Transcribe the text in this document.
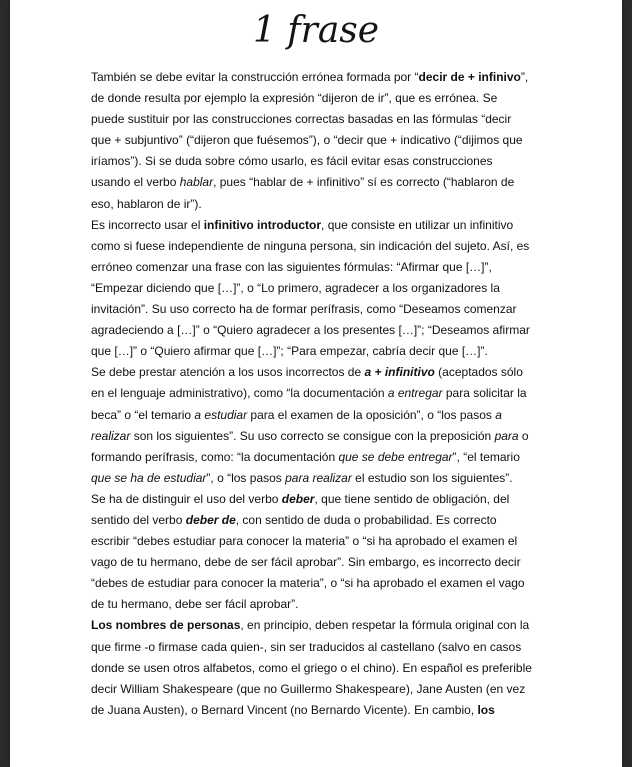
1 frase
También se debe evitar la construcción errónea formada por “decir de + infinivo”,
de donde resulta por ejemplo la expresión “dijeron de ir”, que es errónea. Se
puede sustituir por las construcciones correctas basadas en las fórmulas “decir
que + subjuntivo” (“dijeron que fuésemos”), o “decir que + indicativo (“dijimos que
iríamos”). Si se duda sobre cómo usarlo, es fácil evitar esas construcciones
usando el verbo hablar, pues “hablar de + infinitivo” sí es correcto (“hablaron de
eso, hablaron de ir”).
Es incorrecto usar el infinitivo introductor, que consiste en utilizar un infinitivo
como si fuese independiente de ninguna persona, sin indicación del sujeto. Así, es
erróneo comenzar una frase con las siguientes fórmulas: “Afirmar que […]”,
“Empezar diciendo que […]”, o “Lo primero, agradecer a los organizadores la
invitación”. Su uso correcto ha de formar perífrasis, como “Deseamos comenzar
agradeciendo a […]” o “Quiero agradecer a los presentes […]”; “Deseamos afirmar
que […]” o “Quiero afirmar que […]”; “Para empezar, cabría decir que […]”.
Se debe prestar atención a los usos incorrectos de a + infinitivo (aceptados sólo
en el lenguaje administrativo), como “la documentación a entregar para solicitar la
beca” o “el temario a estudiar para el examen de la oposición”, o “los pasos a
realizar son los siguientes”. Su uso correcto se consigue con la preposición para o
formando perífrasis, como: “la documentación que se debe entregar”, “el temario
que se ha de estudiar”, o “los pasos para realizar el estudio son los siguientes”.
Se ha de distinguir el uso del verbo deber, que tiene sentido de obligación, del
sentido del verbo deber de, con sentido de duda o probabilidad. Es correcto
escribir “debes estudiar para conocer la materia” o “si ha aprobado el examen el
vago de tu hermano, debe de ser fácil aprobar”. Sin embargo, es incorrecto decir
“debes de estudiar para conocer la materia”, o “si ha aprobado el examen el vago
de tu hermano, debe ser fácil aprobar”.
Los nombres de personas, en principio, deben respetar la fórmula original con la
que firme -o firmase cada quien-, sin ser traducidos al castellano (salvo en casos
donde se usen otros alfabetos, como el griego o el chino). En español es preferible
decir William Shakespeare (que no Guillermo Shakespeare), Jane Austen (en vez
de Juana Austen), o Bernard Vincent (no Bernardo Vicente). En cambio, los
